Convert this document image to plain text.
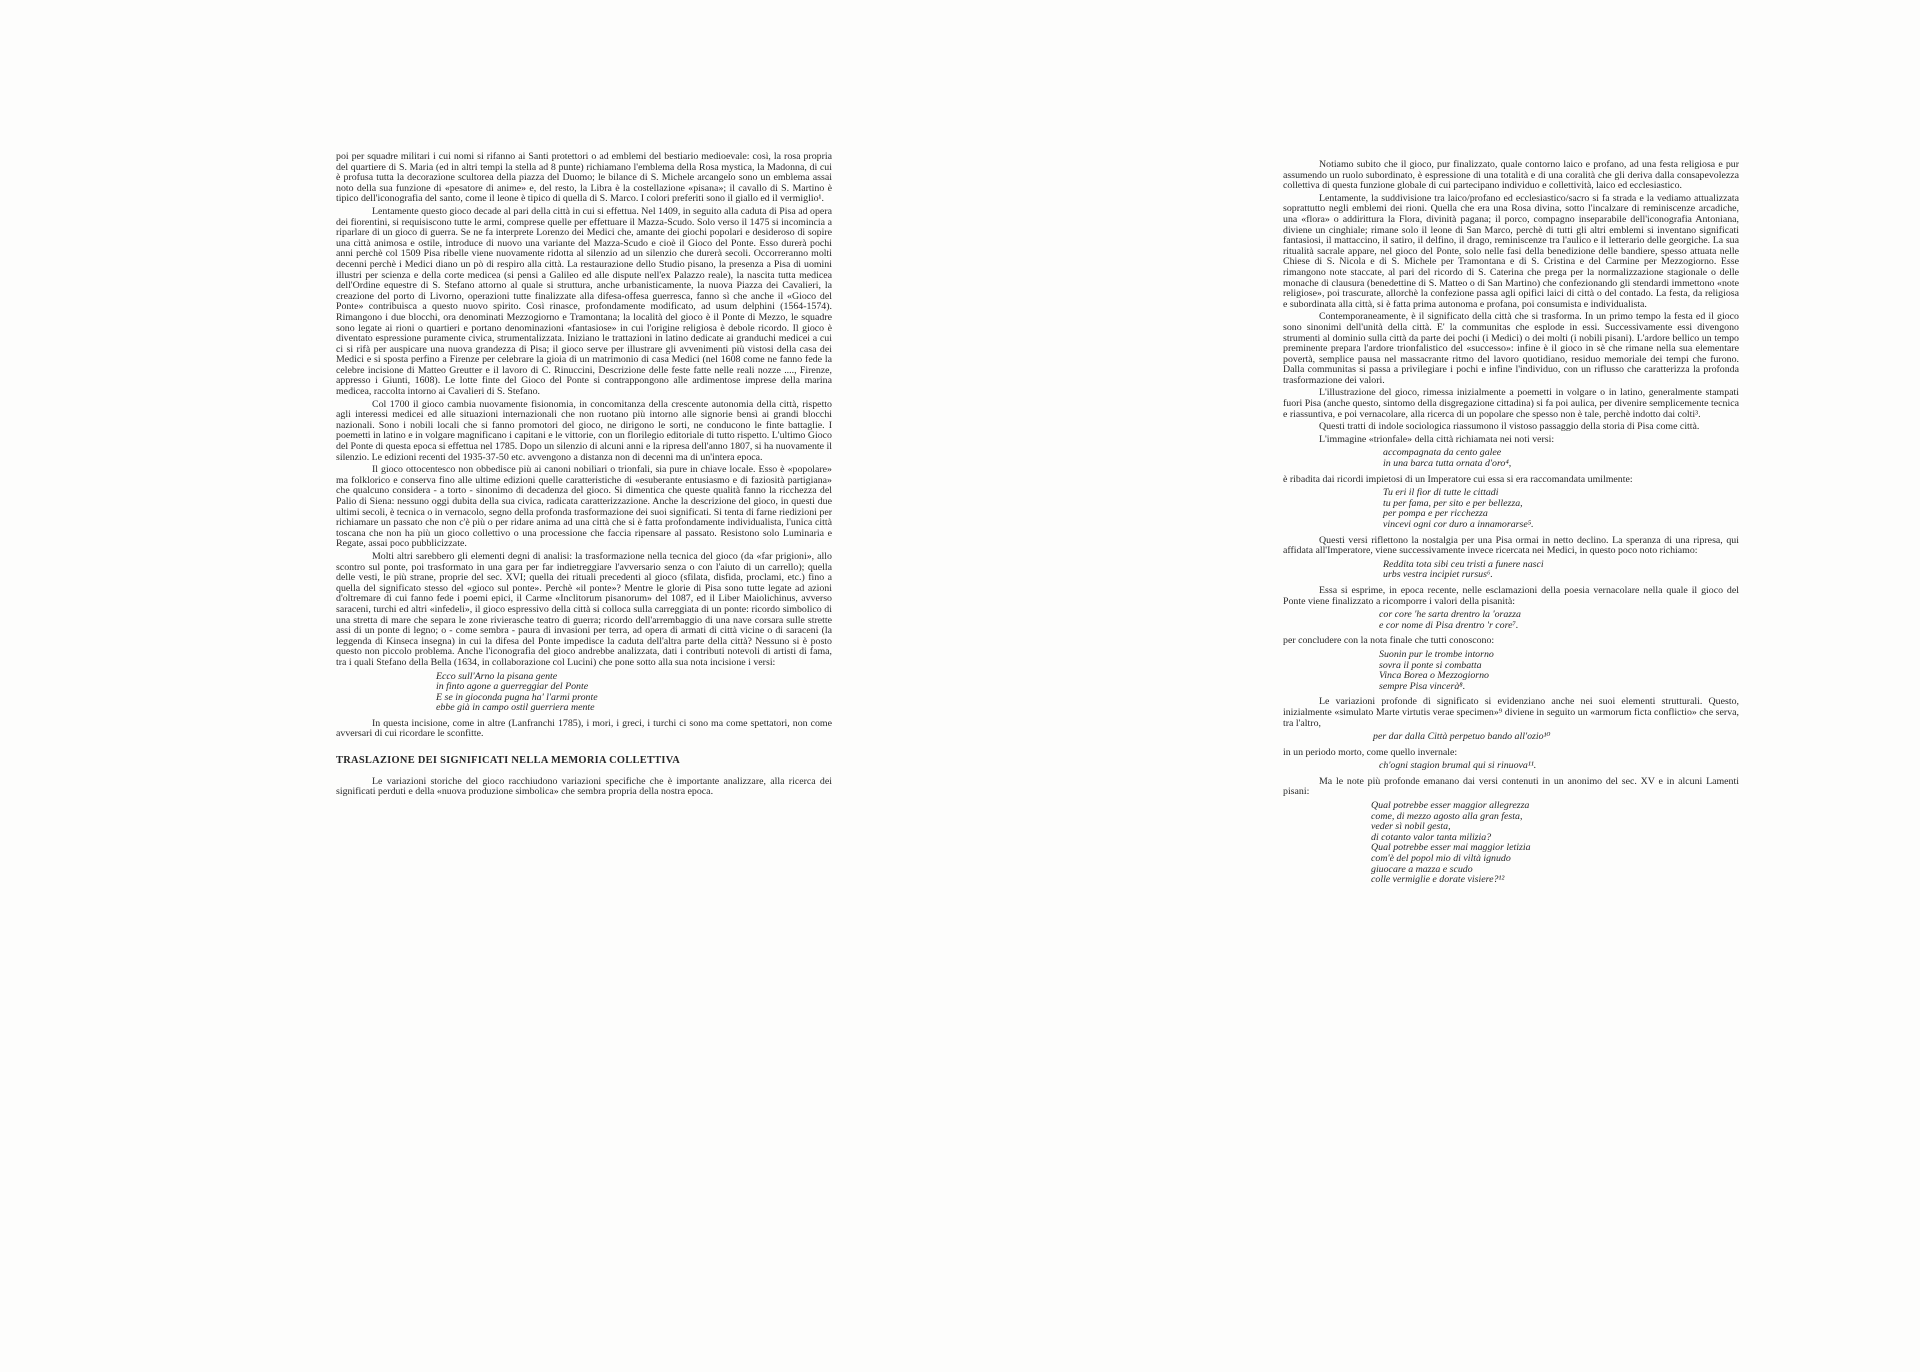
poi per squadre militari i cui nomi si rifanno ai Santi protettori o ad emblemi del bestiario medioevale: così, la rosa propria del quartiere di S. Maria (ed in altri tempi la stella ad 8 punte) richiamano l'emblema della Rosa mystica, la Madonna, di cui è profusa tutta la decorazione scultorea della piazza del Duomo; le bilance di S. Michele arcangelo sono un emblema assai noto della sua funzione di «pesatore di anime» e, del resto, la Libra è la costellazione «pisana»; il cavallo di S. Martino è tipico dell'iconografia del santo, come il leone è tipico di quella di S. Marco. I colori preferiti sono il giallo ed il vermiglio¹.

Lentamente questo gioco decade al pari della città in cui si effettua. Nel 1409, in seguito alla caduta di Pisa ad opera dei fiorentini, si requisiscono tutte le armi, comprese quelle per effettuare il Mazza-Scudo. Solo verso il 1475 si incomincia a riparlare di un gioco di guerra. Se ne fa interprete Lorenzo dei Medici che, amante dei giochi popolari e desideroso di sopire una città animosa e ostile, introduce di nuovo una variante del Mazza-Scudo e cioè il Gioco del Ponte. Esso durerà pochi anni perchè col 1509 Pisa ribelle viene nuovamente ridotta al silenzio ad un silenzio che durerà secoli. Occorreranno molti decenni perchè i Medici diano un pò di respiro alla città. La restaurazione dello Studio pisano, la presenza a Pisa di uomini illustri per scienza e della corte medicea (si pensi a Galileo ed alle dispute nell'ex Palazzo reale), la nascita tutta medicea dell'Ordine equestre di S. Stefano attorno al quale si struttura, anche urbanisticamente, la nuova Piazza dei Cavalieri, la creazione del porto di Livorno, operazioni tutte finalizzate alla difesa-offesa guerresca, fanno sì che anche il «Gioco del Ponte» contribuisca a questo nuovo spirito. Così rinasce, profondamente modificato, ad usum delphini (1564-1574). Rimangono i due blocchi, ora denominati Mezzogiorno e Tramontana; la località del gioco è il Ponte di Mezzo, le squadre sono legate ai rioni o quartieri e portano denominazioni «fantasiose» in cui l'origine religiosa è debole ricordo. Il gioco è diventato espressione puramente civica, strumentalizzata. Iniziano le trattazioni in latino dedicate ai granduchi medicei a cui ci si rifà per auspicare una nuova grandezza di Pisa; il gioco serve per illustrare gli avvenimenti più vistosi della casa dei Medici e si sposta perfino a Firenze per celebrare la gioia di un matrimonio di casa Medici (nel 1608 come ne fanno fede la celebre incisione di Matteo Greutter e il lavoro di C. Rinuccini, Descrizione delle feste fatte nelle reali nozze ...., Firenze, appresso i Giunti, 1608). Le lotte finte del Gioco del Ponte si contrappongono alle ardimentose imprese della marina medicea, raccolta intorno ai Cavalieri di S. Stefano.

Col 1700 il gioco cambia nuovamente fisionomia, in concomitanza della crescente autonomia della città, rispetto agli interessi medicei ed alle situazioni internazionali che non ruotano più intorno alle signorie bensì ai grandi blocchi nazionali. Sono i nobili locali che si fanno promotori del gioco, ne dirigono le sorti, ne conducono le finte battaglie. I poemetti in latino e in volgare magnificano i capitani e le vittorie, con un florilegio editoriale di tutto rispetto. L'ultimo Gioco del Ponte di questa epoca si effettua nel 1785. Dopo un silenzio di alcuni anni e la ripresa dell'anno 1807, si ha nuovamente il silenzio. Le edizioni recenti del 1935-37-50 etc. avvengono a distanza non di decenni ma di un'intera epoca.

Il gioco ottocentesco non obbedisce più ai canoni nobiliari o trionfali, sia pure in chiave locale. Esso è «popolare» ma folklorico e conserva fino alle ultime edizioni quelle caratteristiche di «esuberante entusiasmo e di faziosità partigiana» che qualcuno considera - a torto - sinonimo di decadenza del gioco. Si dimentica che queste qualità fanno la ricchezza del Palio di Siena: nessuno oggi dubita della sua civica, radicata caratterizzazione. Anche la descrizione del gioco, in questi due ultimi secoli, è tecnica o in vernacolo, segno della profonda trasformazione dei suoi significati. Si tenta di farne riedizioni per richiamare un passato che non c'è più o per ridare anima ad una città che si è fatta profondamente individualista, l'unica città toscana che non ha più un gioco collettivo o una processione che faccia ripensare al passato. Resistono solo Luminaria e Regate, assai poco pubblicizzate.

Molti altri sarebbero gli elementi degni di analisi: la trasformazione nella tecnica del gioco (da «far prigioni», allo scontro sul ponte, poi trasformato in una gara per far indietreggiare l'avversario senza o con l'aiuto di un carrello); quella delle vesti, le più strane, proprie del sec. XVI; quella dei rituali precedenti al gioco (sfilata, disfida, proclami, etc.) fino a quella del significato stesso del «gioco sul ponte». Perchè «il ponte»? Mentre le glorie di Pisa sono tutte legate ad azioni d'oltremare di cui fanno fede i poemi epici, il Carme «Inclitorum pisanorum» del 1087, ed il Liber Maiolichinus, avverso saraceni, turchi ed altri «infedeli», il gioco espressivo della città si colloca sulla carreggiata di un ponte: ricordo simbolico di una stretta di mare che separa le zone rivierasche teatro di guerra; ricordo dell'arrembaggio di una nave corsara sulle strette assi di un ponte di legno; o - come sembra - paura di invasioni per terra, ad opera di armati di città vicine o di saraceni (la leggenda di Kinseca insegna) in cui la difesa del Ponte impedisce la caduta dell'altra parte della città? Nessuno si è posto questo non piccolo problema. Anche l'iconografia del gioco andrebbe analizzata, dati i contributi notevoli di artisti di fama, tra i quali Stefano della Bella (1634, in collaborazione col Lucini) che pone sotto alla sua nota incisione i versi:

Ecco sull'Arno la pisana gente
in finto agone a guerreggiar del Ponte
E se in gioconda pugna ha' l'armi pronte
ebbe già in campo ostil guerriera mente

In questa incisione, come in altre (Lanfranchi 1785), i mori, i greci, i turchi ci sono ma come spettatori, non come avversari di cui ricordare le sconfitte.

TRASLAZIONE DEI SIGNIFICATI NELLA MEMORIA COLLETTIVA

Le variazioni storiche del gioco racchiudono variazioni specifiche che è importante analizzare, alla ricerca dei significati perduti e della «nuova produzione simbolica» che sembra propria della nostra epoca.

Notiamo subito che il gioco, pur finalizzato, quale contorno laico e profano, ad una festa religiosa e pur assumendo un ruolo subordinato, è espressione di una totalità e di una coralità che gli deriva dalla consapevolezza collettiva di questa funzione globale di cui partecipano individuo e collettività, laico ed ecclesiastico.

Lentamente, la suddivisione tra laico/profano ed ecclesiastico/sacro si fa strada e la vediamo attualizzata soprattutto negli emblemi dei rioni. Quella che era una Rosa divina, sotto l'incalzare di reminiscenze arcadiche, una «flora» o addirittura la Flora, divinità pagana; il porco, compagno inseparabile dell'iconografia Antoniana, diviene un cinghiale; rimane solo il leone di San Marco, perchè di tutti gli altri emblemi si inventano significati fantasiosi, il mattaccino, il satiro, il delfino, il drago, reminiscenze tra l'aulico e il letterario delle georgiche. La sua ritualità sacrale appare, nel gioco del Ponte, solo nelle fasi della benedizione delle bandiere, spesso attuata nelle Chiese di S. Nicola e di S. Michele per Tramontana e di S. Cristina e del Carmine per Mezzogiorno. Esse rimangono note staccate, al pari del ricordo di S. Caterina che prega per la normalizzazione stagionale o delle monache di clausura (benedettine di S. Matteo o di San Martino) che confezionando gli stendardi immettono «note religiose», poi trascurate, allorchè la confezione passa agli opifici laici di città o del contado. La festa, da religiosa e subordinata alla città, si è fatta prima autonoma e profana, poi consumista e individualista.

Contemporaneamente, è il significato della città che si trasforma. In un primo tempo la festa ed il gioco sono sinonimi dell'unità della città. E' la communitas che esplode in essi. Successivamente essi divengono strumenti al dominio sulla città da parte dei pochi (i Medici) o dei molti (i nobili pisani). L'ardore bellico un tempo preminente prepara l'ardore trionfalistico del «successo»: infine è il gioco in sè che rimane nella sua elementare povertà, semplice pausa nel massacrante ritmo del lavoro quotidiano, residuo memoriale dei tempi che furono. Dalla communitas si passa a privilegiare i pochi e infine l'individuo, con un riflusso che caratterizza la profonda trasformazione dei valori.

L'illustrazione del gioco, rimessa inizialmente a poemetti in volgare o in latino, generalmente stampati fuori Pisa (anche questo, sintomo della disgregazione cittadina) si fa poi aulica, per divenire semplicemente tecnica e riassuntiva, e poi vernacolare, alla ricerca di un popolare che spesso non è tale, perchè indotto dai colti³.

Questi tratti di indole sociologica riassumono il vistoso passaggio della storia di Pisa come città.

L'immagine «trionfale» della città richiamata nei noti versi:

accompagnata da cento galee
in una barca tutta ornata d'oro⁴,

è ribadita dai ricordi impietosi di un Imperatore cui essa si era raccomandata umilmente:

Tu eri il fior di tutte le cittadi
tu per fama, per sito e per bellezza,
per pompa e per ricchezza
vincevi ogni cor duro a innamorarse⁵.

Questi versi riflettono la nostalgia per una Pisa ormai in netto declino. La speranza di una ripresa, qui affidata all'Imperatore, viene successivamente invece ricercata nei Medici, in questo poco noto richiamo:

Reddita tota sibi ceu tristi a funere nasci
urbs vestra incipiet rursus⁶.

Essa si esprime, in epoca recente, nelle esclamazioni della poesia vernacolare nella quale il gioco del Ponte viene finalizzato a ricomporre i valori della pisanità:

cor core 'he sarta drentro la 'orazza
e cor nome di Pisa drentro 'r core⁷.

per concludere con la nota finale che tutti conoscono:

Suonin pur le trombe intorno
sovra il ponte si combatta
Vinca Borea o Mezzogiorno
sempre Pisa vincerà⁸.

Le variazioni profonde di significato si evidenziano anche nei suoi elementi strutturali. Questo, inizialmente «simulato Marte virtutis verae specimen»⁹ diviene in seguito un «armorum ficta conflictio» che serva, tra l'altro,

per dar dalla Città perpetuo bando all'ozio¹⁰

in un periodo morto, come quello invernale:

ch'ogni stagion brumal qui si rinuova¹¹.

Ma le note più profonde emanano dai versi contenuti in un anonimo del sec. XV e in alcuni Lamenti pisani:

Qual potrebbe esser maggior allegrezza
come, di mezzo agosto alla gran festa,
veder sì nobil gesta,
di cotanto valor tanta milizia?
Qual potrebbe esser mai maggior letizia
com'è del popol mio di viltà ignudo
giuocare a mazza e scudo
colle vermiglie e dorate visiere?¹²
